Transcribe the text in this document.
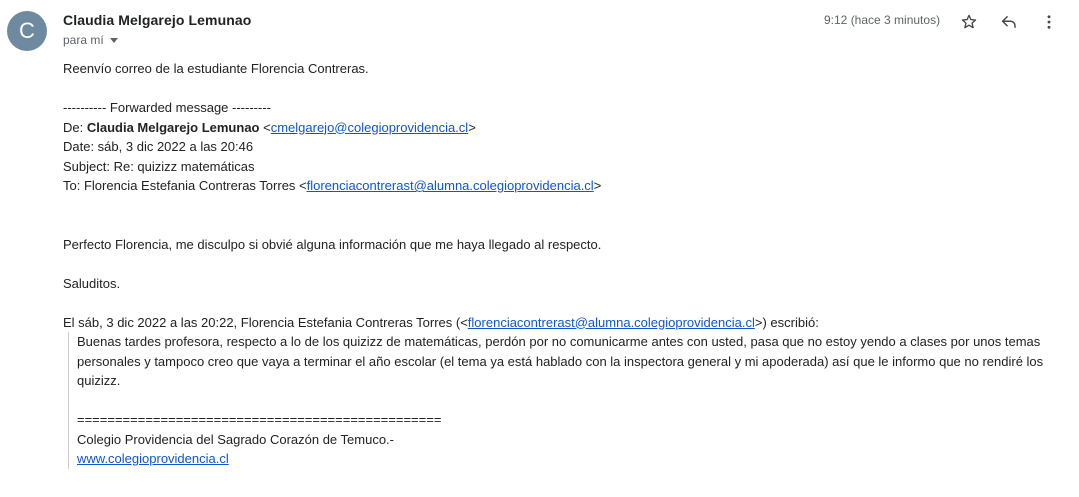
C	Claudia Melgarejo Lemunao
para mí
9:12 (hace 3 minutos)
Reenvío correo de la estudiante Florencia Contreras.
---------- Forwarded message ---------
De: Claudia Melgarejo Lemunao <cmelgarejo@colegioprovidencia.cl>
Date: sáb, 3 dic 2022 a las 20:46
Subject: Re: quizizz matemáticas
To: Florencia Estefania Contreras Torres <florenciacontrerast@alumna.colegioprovidencia.cl>
Perfecto Florencia, me disculpo si obvié alguna información que me haya llegado al respecto.
Saluditos.
El sáb, 3 dic 2022 a las 20:22, Florencia Estefania Contreras Torres (<florenciacontrerast@alumna.colegioprovidencia.cl>) escribió:
Buenas tardes profesora, respecto a lo de los quizizz de matemáticas, perdón por no comunicarme antes con usted, pasa que no estoy yendo a clases por unos temas
personales y tampoco creo que vaya a terminar el año escolar (el tema ya está hablado con la inspectora general y mi apoderada) así que le informo que no rendiré los
quizizz.
================================================
Colegio Providencia del Sagrado Corazón de Temuco.-
www.colegioprovidencia.cl
